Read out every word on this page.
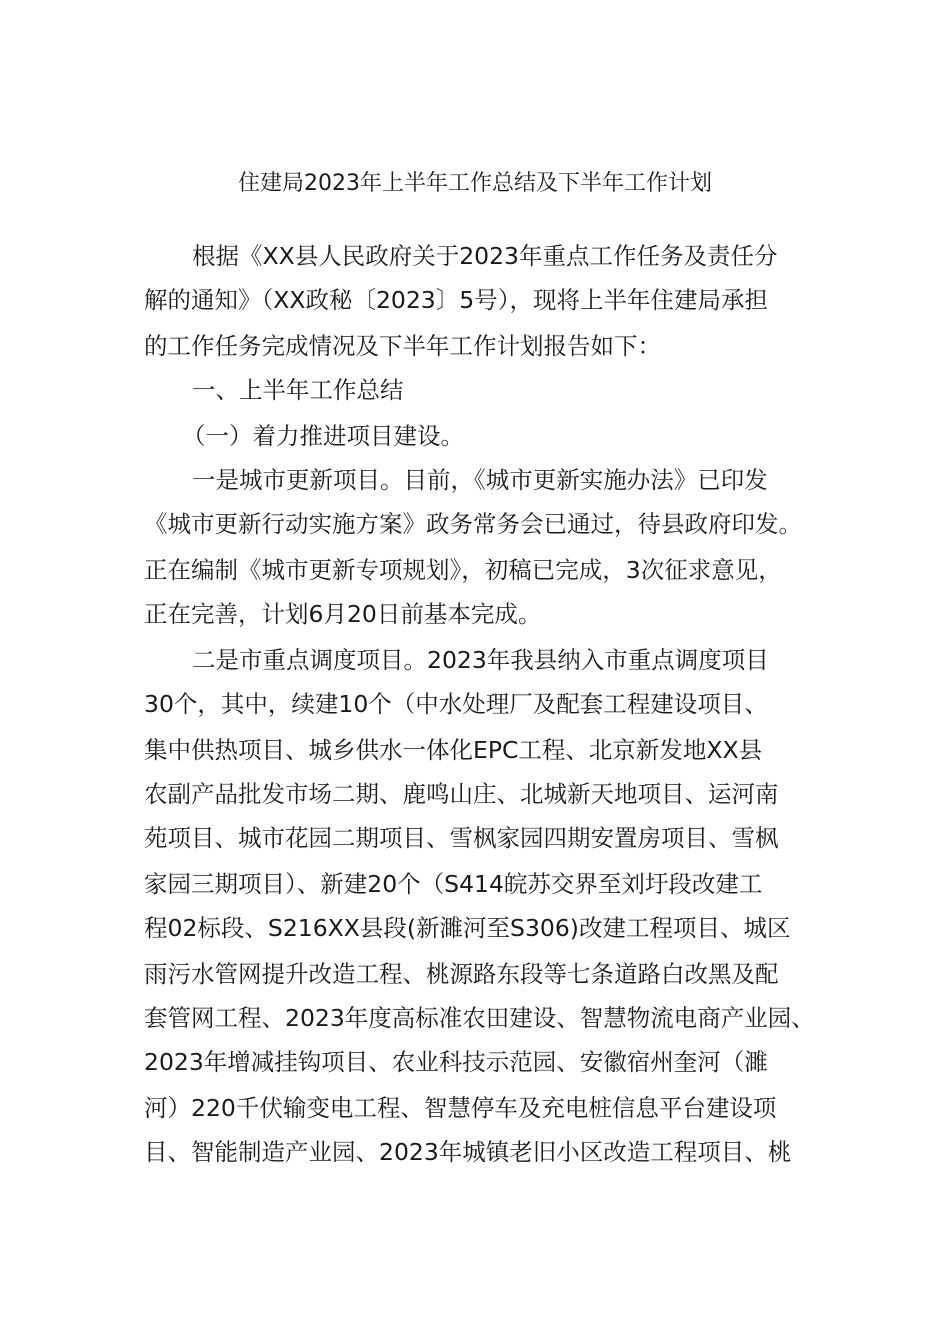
住建局2023年上半年工作总结及下半年工作计划
根据《XX县人民政府关于2023年重点工作任务及责任分
解的通知》（XX政秘〔2023〕5号），现将上半年住建局承担
的工作任务完成情况及下半年工作计划报告如下：
一、上半年工作总结
（一）着力推进项目建设。
一是城市更新项目。目前，《城市更新实施办法》已印发
《城市更新行动实施方案》政务常务会已通过，待县政府印发。
正在编制《城市更新专项规划》，初稿已完成，3次征求意见，
正在完善，计划6月20日前基本完成。
二是市重点调度项目。2023年我县纳入市重点调度项目
30个，其中，续建10个（中水处理厂及配套工程建设项目、
集中供热项目、城乡供水一体化EPC工程、北京新发地XX县
农副产品批发市场二期、鹿鸣山庄、北城新天地项目、运河南
苑项目、城市花园二期项目、雪枫家园四期安置房项目、雪枫
家园三期项目）、新建20个（S414皖苏交界至刘圩段改建工
程02标段、S216XX县段(新濉河至S306)改建工程项目、城区
雨污水管网提升改造工程、桃源路东段等七条道路白改黑及配
套管网工程、2023年度高标准农田建设、智慧物流电商产业园、
2023年增减挂钩项目、农业科技示范园、安徽宿州奎河（濉
河）220千伏输变电工程、智慧停车及充电桩信息平台建设项
目、智能制造产业园、2023年城镇老旧小区改造工程项目、桃
